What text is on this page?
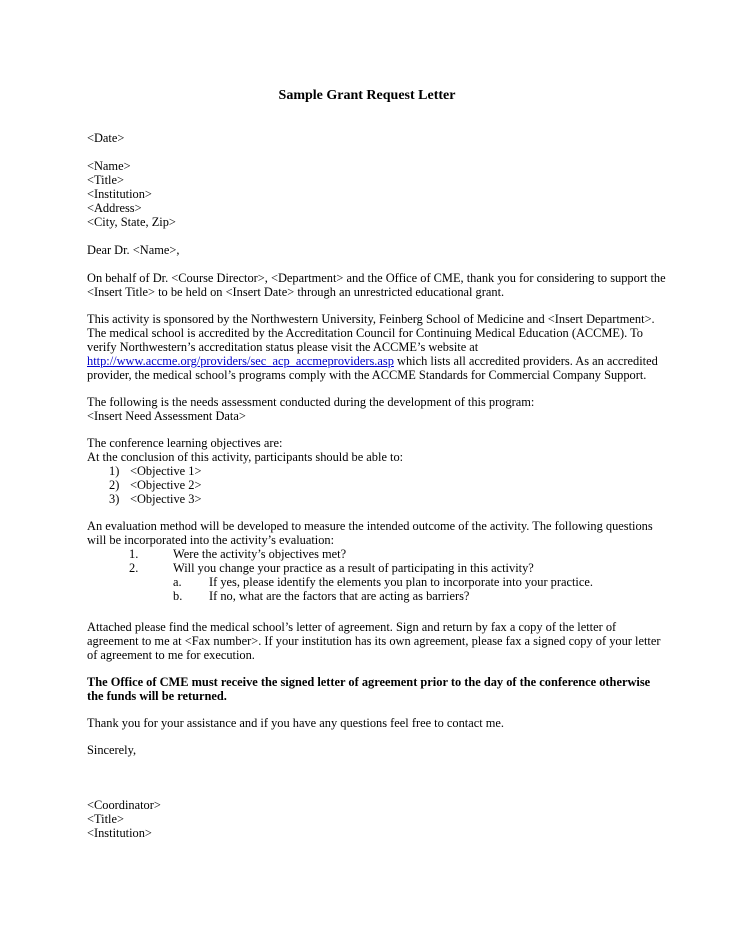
Sample Grant Request Letter
<Date>
<Name>
<Title>
<Institution>
<Address>
<City, State, Zip>
Dear Dr. <Name>,
On behalf of Dr. <Course Director>, <Department> and the Office of CME, thank you for considering to support the
<Insert Title> to be held on <Insert Date> through an unrestricted educational grant.
This activity is sponsored by the Northwestern University, Feinberg School of Medicine and <Insert Department>.
The medical school is accredited by the Accreditation Council for Continuing Medical Education (ACCME). To
verify Northwestern’s accreditation status please visit the ACCME’s website at
http://www.accme.org/providers/sec_acp_accmeproviders.asp which lists all accredited providers. As an accredited
provider, the medical school’s programs comply with the ACCME Standards for Commercial Company Support.
The following is the needs assessment conducted during the development of this program:
<Insert Need Assessment Data>
The conference learning objectives are:
At the conclusion of this activity, participants should be able to:
1) <Objective 1>
2) <Objective 2>
3) <Objective 3>
An evaluation method will be developed to measure the intended outcome of the activity. The following questions
will be incorporated into the activity’s evaluation:
1.	Were the activity’s objectives met?
2.	Will you change your practice as a result of participating in this activity?
a.	If yes, please identify the elements you plan to incorporate into your practice.
b.	If no, what are the factors that are acting as barriers?
Attached please find the medical school’s letter of agreement. Sign and return by fax a copy of the letter of
agreement to me at <Fax number>. If your institution has its own agreement, please fax a signed copy of your letter
of agreement to me for execution.
The Office of CME must receive the signed letter of agreement prior to the day of the conference otherwise
the funds will be returned.
Thank you for your assistance and if you have any questions feel free to contact me.
Sincerely,
<Coordinator>
<Title>
<Institution>
